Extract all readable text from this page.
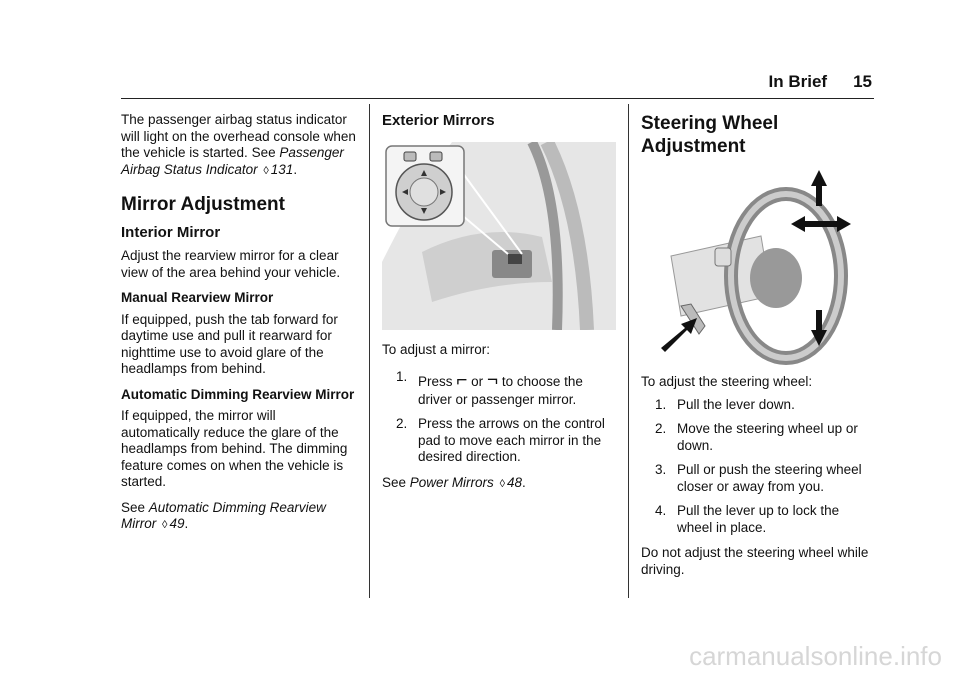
In Brief 15

The passenger airbag status indicator will light on the overhead console when the vehicle is started. See Passenger Airbag Status Indicator ◊ 131.

Mirror Adjustment
Interior Mirror

Adjust the rearview mirror for a clear view of the area behind your vehicle.

Manual Rearview Mirror

If equipped, push the tab forward for daytime use and pull it rearward for nighttime use to avoid glare of the headlamps from behind.

Automatic Dimming Rearview Mirror

If equipped, the mirror will automatically reduce the glare of the headlamps from behind. The dimming feature comes on when the vehicle is started.

See Automatic Dimming Rearview Mirror ◊ 49.

Exterior Mirrors

To adjust a mirror:

1. Press ⌐ or ¬ to choose the driver or passenger mirror.
2. Press the arrows on the control pad to move each mirror in the desired direction.

See Power Mirrors ◊ 48.

Steering Wheel
Adjustment

To adjust the steering wheel:

1. Pull the lever down.
2. Move the steering wheel up or down.
3. Pull or push the steering wheel closer or away from you.
4. Pull the lever up to lock the wheel in place.

Do not adjust the steering wheel while driving.

carmanualsonline.info
